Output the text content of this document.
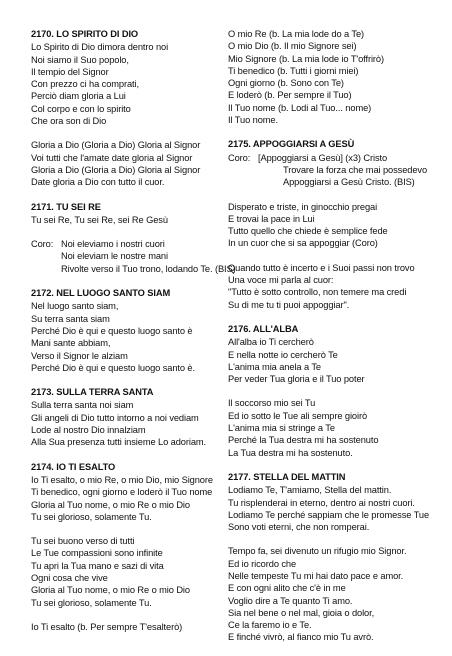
2170. LO SPIRITO DI DIO
Lo Spirito di Dio dimora dentro noi
Noi siamo il Suo popolo,
Il tempio del Signor
Con prezzo ci ha comprati,
Perciò diam gloria a Lui
Col corpo e con lo spirito
Che ora son di Dio
Gloria a Dio (Gloria a Dio) Gloria al Signor
Voi tutti che l'amate date gloria al Signor
Gloria a Dio (Gloria a Dio) Gloria al Signor
Date gloria a Dio con tutto il cuor.
2171. TU SEI RE
Tu sei Re, Tu sei Re, sei Re Gesù
Coro: Noi eleviamo i nostri cuori
Noi eleviam le nostre mani
Rivolte verso il Tuo trono, lodando Te. (BIS)
2172. NEL LUOGO SANTO SIAM
Nel luogo santo siam,
Su terra santa siam
Perché Dio è qui e questo luogo santo è
Mani sante abbiam,
Verso il Signor le alziam
Perché Dio è qui e questo luogo santo è.
2173. SULLA TERRA SANTA
Sulla terra santa noi siam
Gli angeli di Dio tutto intorno a noi vediam
Lode al nostro Dio innalziam
Alla Sua presenza tutti insieme Lo adoriam.
2174. IO TI ESALTO
Io Ti esalto, o mio Re, o mio Dio, mio Signore
Ti benedico, ogni giorno e loderò il Tuo nome
Gloria al Tuo nome, o mio Re o mio Dio
Tu sei glorioso, solamente Tu.
Tu sei buono verso di tutti
Le Tue compassioni sono infinite
Tu apri la Tua mano e sazi di vita
Ogni cosa che vive
Gloria al Tuo nome, o mio Re o mio Dio
Tu sei glorioso, solamente Tu.
Io Ti esalto (b. Per sempre T'esalterò)
O mio Re (b. La mia lode do a Te)
O mio Dio (b. Il mio Signore sei)
Mio Signore (b. La mia lode io T'offrirò)
Ti benedico (b. Tutti i giorni miei)
Ogni giorno (b. Sono con Te)
E loderò (b. Per sempre il Tuo)
Il Tuo nome (b. Lodi al Tuo... nome)
Il Tuo nome.
2175. APPOGGIARSI A GESÙ
Coro: [Appoggiarsi a Gesù] (x3) Cristo
Trovare la forza che mai possedevo
Appoggiarsi a Gesù Cristo. (BIS)
Disperato e triste, in ginocchio pregai
E trovai la pace in Lui
Tutto quello che chiede è semplice fede
In un cuor che si sa appoggiar (Coro)
Quando tutto è incerto e i Suoi passi non trovo
Una voce mi parla al cuor:
"Tutto è sotto controllo, non temere ma credi
Su di me tu ti puoi appoggiar".
2176. ALL'ALBA
All'alba io Ti cercherò
E nella notte io cercherò Te
L'anima mia anela a Te
Per veder Tua gloria e il Tuo poter
Il soccorso mio sei Tu
Ed io sotto le Tue ali sempre gioirò
L'anima mia si stringe a Te
Perché la Tua destra mi ha sostenuto
La Tua destra mi ha sostenuto.
2177. STELLA DEL MATTIN
Lodiamo Te, T'amiamo, Stella del mattin.
Tu risplenderai in eterno, dentro ai nostri cuori.
Lodiamo Te perché sappiam che le promesse Tue
Sono voti eterni, che non romperai.
Tempo fa, sei divenuto un rifugio mio Signor.
Ed io ricordo che
Nelle tempeste Tu mi hai dato pace e amor.
E con ogni alito che c'è in me
Voglio dire a Te quanto Ti amo.
Sia nel bene o nel mal, gioia o dolor,
Ce la faremo io e Te.
E finché vivrò, al fianco mio Tu avrò.
